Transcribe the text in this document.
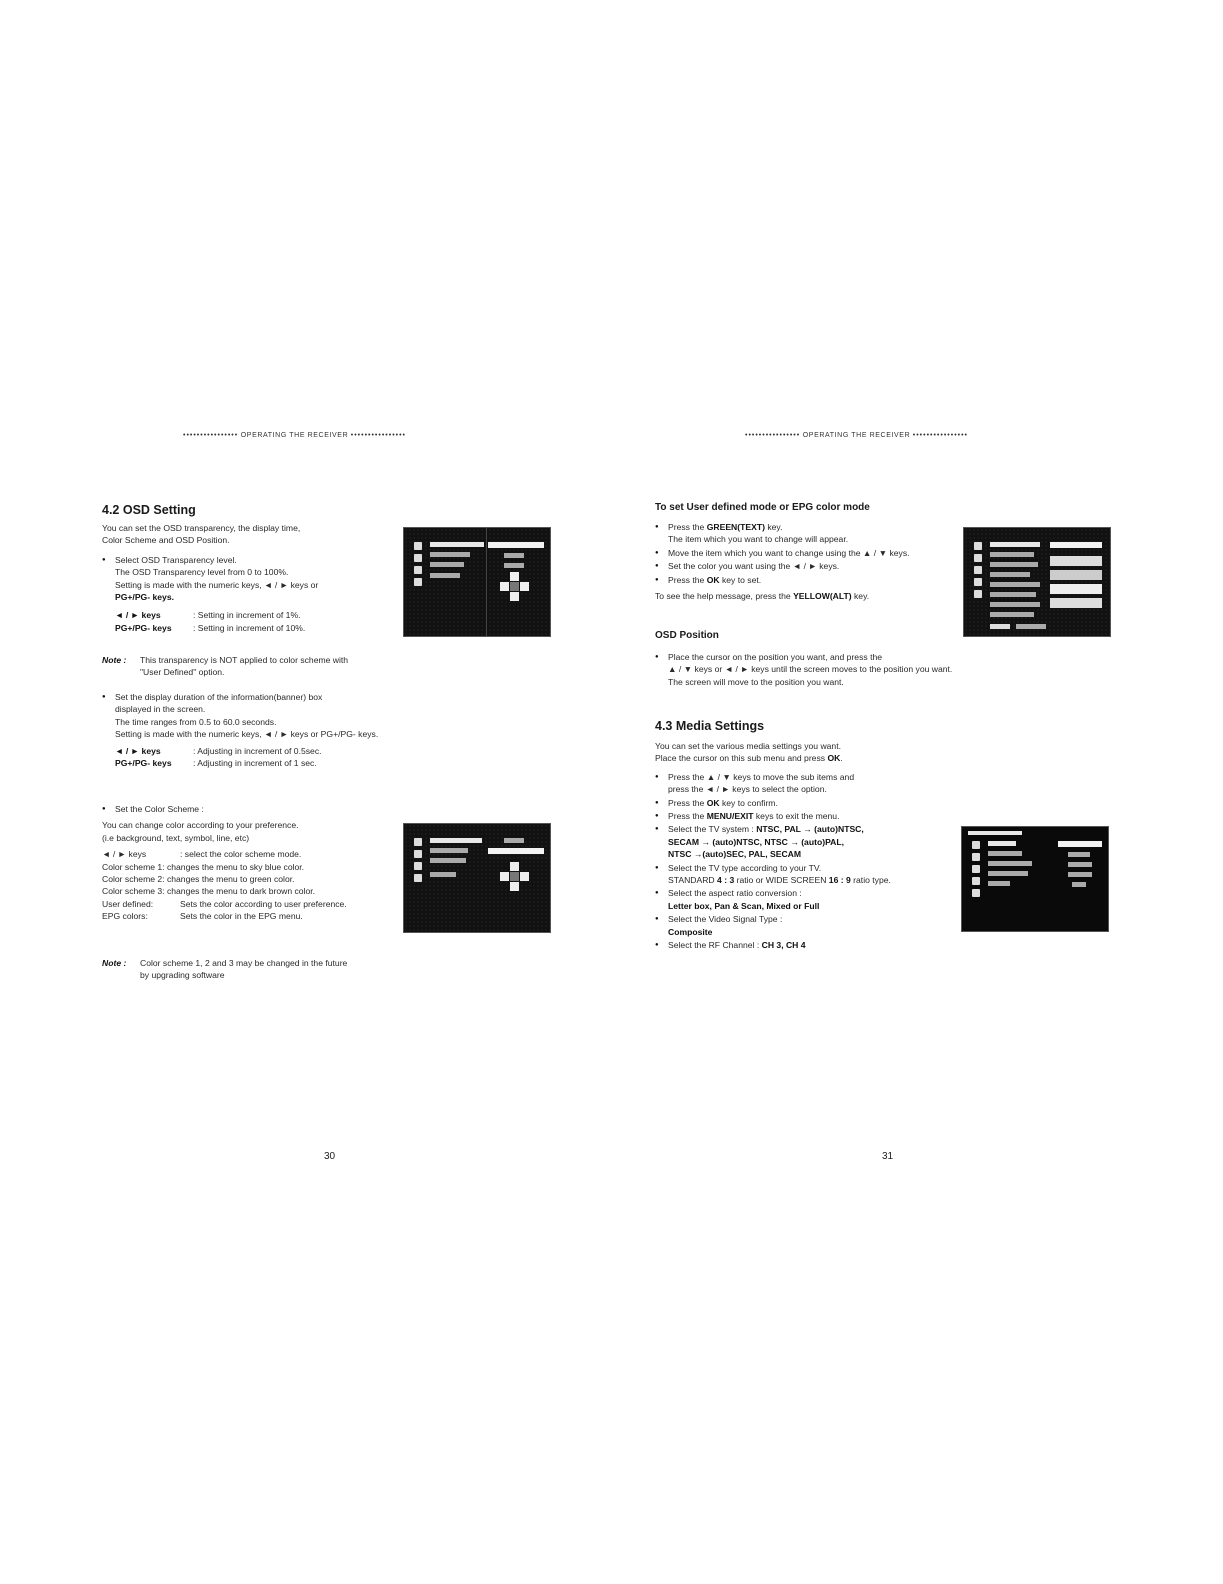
•••••••••••••••• OPERATING THE RECEIVER ••••••••••••••••
4.2 OSD Setting

You can set the OSD transparency, the display time,

Color Scheme and OSD Position.

● Select OSD Transparency level.

The OSD Transparency level from 0 to 100%.

Setting is made with the numeric keys, ◄ / ► keys or

PG+/PG- keys.

◄ / ► keys	: Setting in increment of 1%.
PG+/PG- keys	: Setting in increment of 10%.

Note : This transparency is NOT applied to color scheme with

"User Defined" option.

● Set the display duration of the information(banner) box

displayed in the screen.

The time ranges from 0.5 to 60.0 seconds.

Setting is made with the numeric keys, ◄ / ► keys or PG+/PG- keys.

◄ / ► keys	: Adjusting in increment of 0.5sec.
PG+/PG- keys	: Adjusting in increment of 1 sec.
● Set the Color Scheme :

You can change color according to your preference.

(i.e background, text, symbol, line, etc)

◄ / ► keys	: select the color scheme mode.

Color scheme 1: changes the menu to sky blue color.

Color scheme 2: changes the menu to green color.

Color scheme 3: changes the menu to dark brown color.

User defined:	Sets the color according to user preference.
EPG colors:	Sets the color in the EPG menu.

Note : Color scheme 1, 2 and 3 may be changed in the future

by upgrading software

30
•••••••••••••••• OPERATING THE RECEIVER ••••••••••••••••
To set User defined mode or EPG color mode
● Press the GREEN(TEXT) key.

The item which you want to change will appear.

● Move the item which you want to change using the ▲ / ▼ keys.
● Set the color you want using the ◄ / ► keys.
● Press the OK key to set.

To see the help message, press the YELLOW(ALT) key.

OSD Position
● Place the cursor on the position you want, and press the

▲ / ▼ keys or ◄ / ► keys until the screen moves to the position you want.

The screen will move to the position you want.

4.3 Media Settings

You can set the various media settings you want.

Place the cursor on this sub menu and press OK.

● Press the ▲ / ▼ keys to move the sub items and

press the ◄ / ► keys to select the option.

● Press the OK key to confirm.
● Press the MENU/EXIT keys to exit the menu.
● Select the TV system : NTSC, PAL → (auto)NTSC,

SECAM → (auto)NTSC, NTSC → (auto)PAL,

NTSC →(auto)SEC, PAL, SECAM

● Select the TV type according to your TV.

STANDARD 4 : 3 ratio or WIDE SCREEN 16 : 9 ratio type.

● Select the aspect ratio conversion :

Letter box, Pan & Scan, Mixed or Full

● Select the Video Signal Type :

Composite

● Select the RF Channel : CH 3, CH 4
31
